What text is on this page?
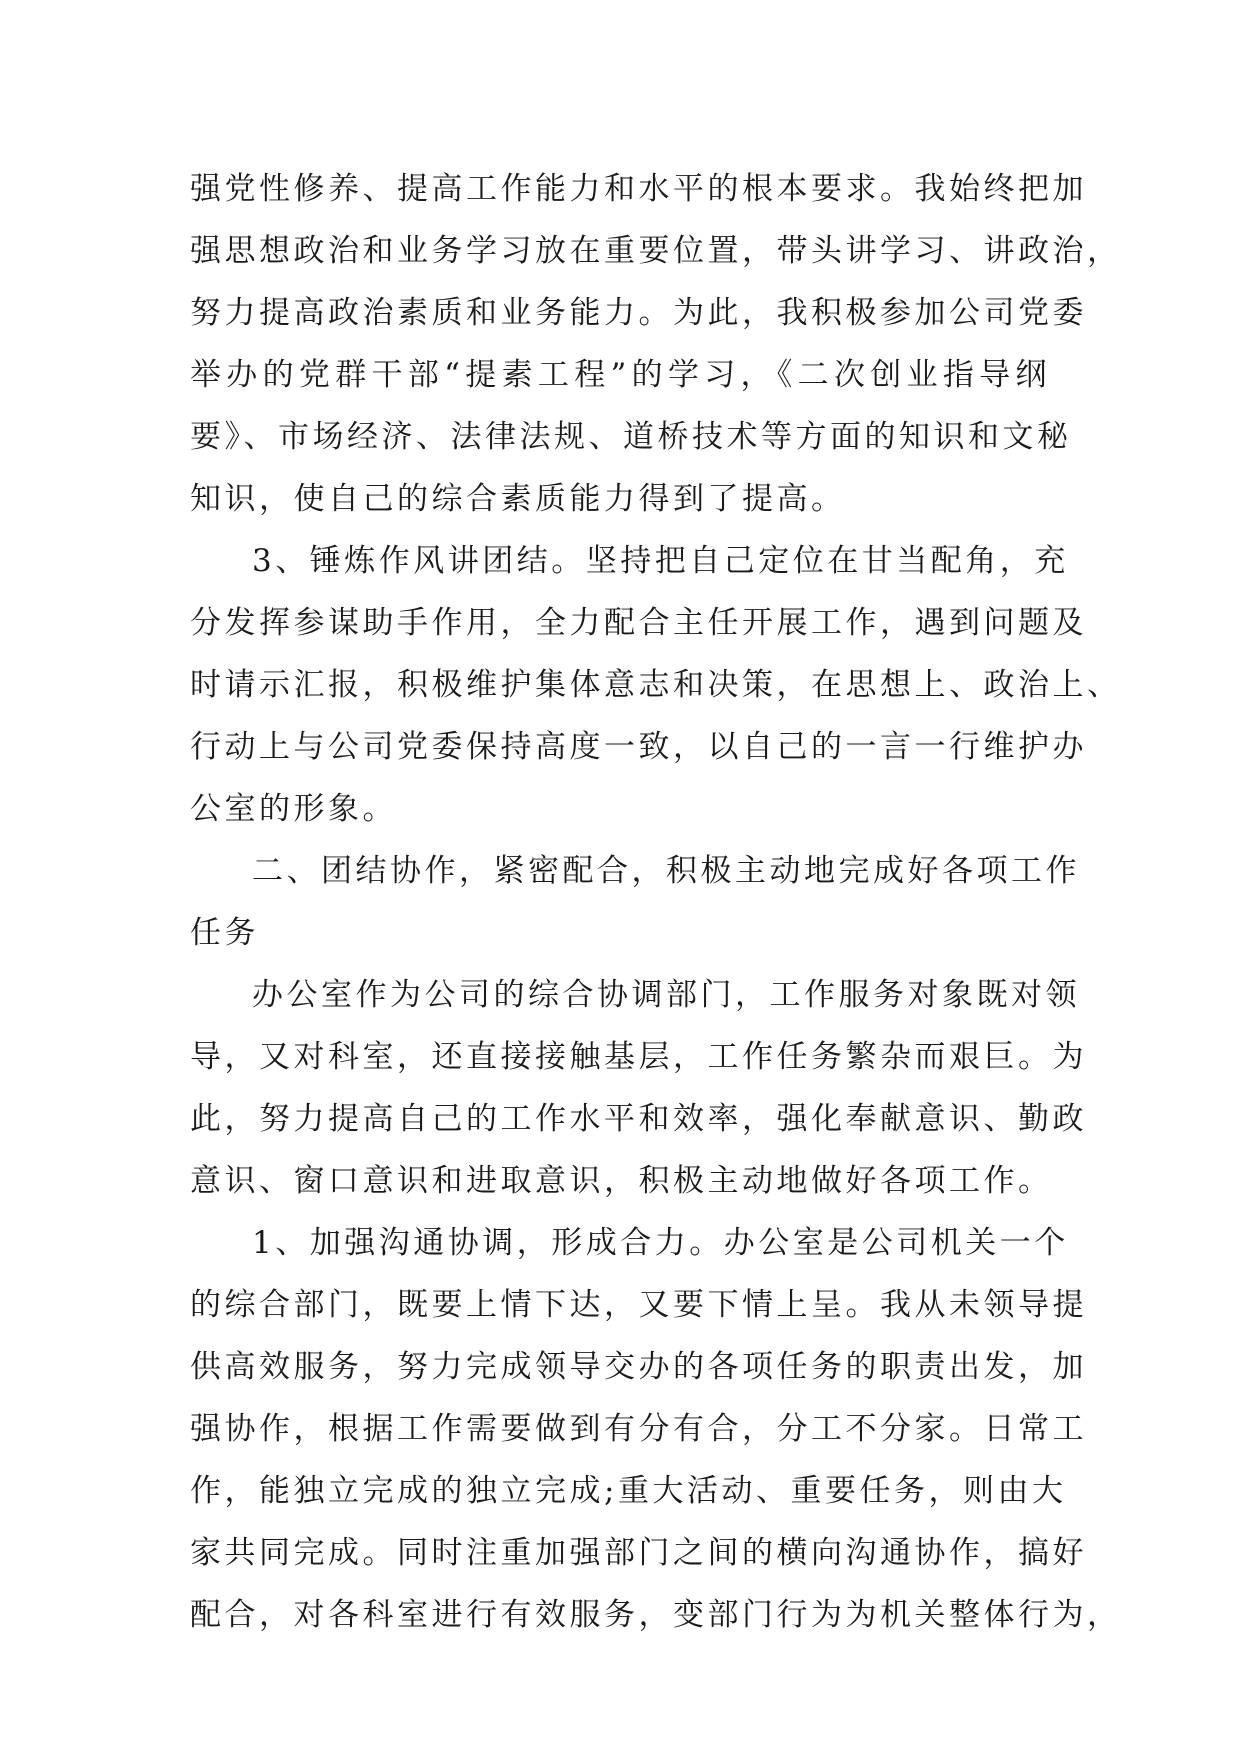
强党性修养、提高工作能力和水平的根本要求。我始终把加
强思想政治和业务学习放在重要位置，带头讲学习、讲政治，
努力提高政治素质和业务能力。为此，我积极参加公司党委
举办的党群干部“提素工程”的学习，《二次创业指导纲
要》、市场经济、法律法规、道桥技术等方面的知识和文秘
知识，使自己的综合素质能力得到了提高。
3、锤炼作风讲团结。坚持把自己定位在甘当配角，充
分发挥参谋助手作用，全力配合主任开展工作，遇到问题及
时请示汇报，积极维护集体意志和决策，在思想上、政治上、
行动上与公司党委保持高度一致，以自己的一言一行维护办
公室的形象。
二、团结协作，紧密配合，积极主动地完成好各项工作
任务
办公室作为公司的综合协调部门，工作服务对象既对领
导，又对科室，还直接接触基层，工作任务繁杂而艰巨。为
此，努力提高自己的工作水平和效率，强化奉献意识、勤政
意识、窗口意识和进取意识，积极主动地做好各项工作。
1、加强沟通协调，形成合力。办公室是公司机关一个
的综合部门，既要上情下达，又要下情上呈。我从未领导提
供高效服务，努力完成领导交办的各项任务的职责出发，加
强协作，根据工作需要做到有分有合，分工不分家。日常工
作，能独立完成的独立完成;重大活动、重要任务，则由大
家共同完成。同时注重加强部门之间的横向沟通协作，搞好
配合，对各科室进行有效服务，变部门行为为机关整体行为，
